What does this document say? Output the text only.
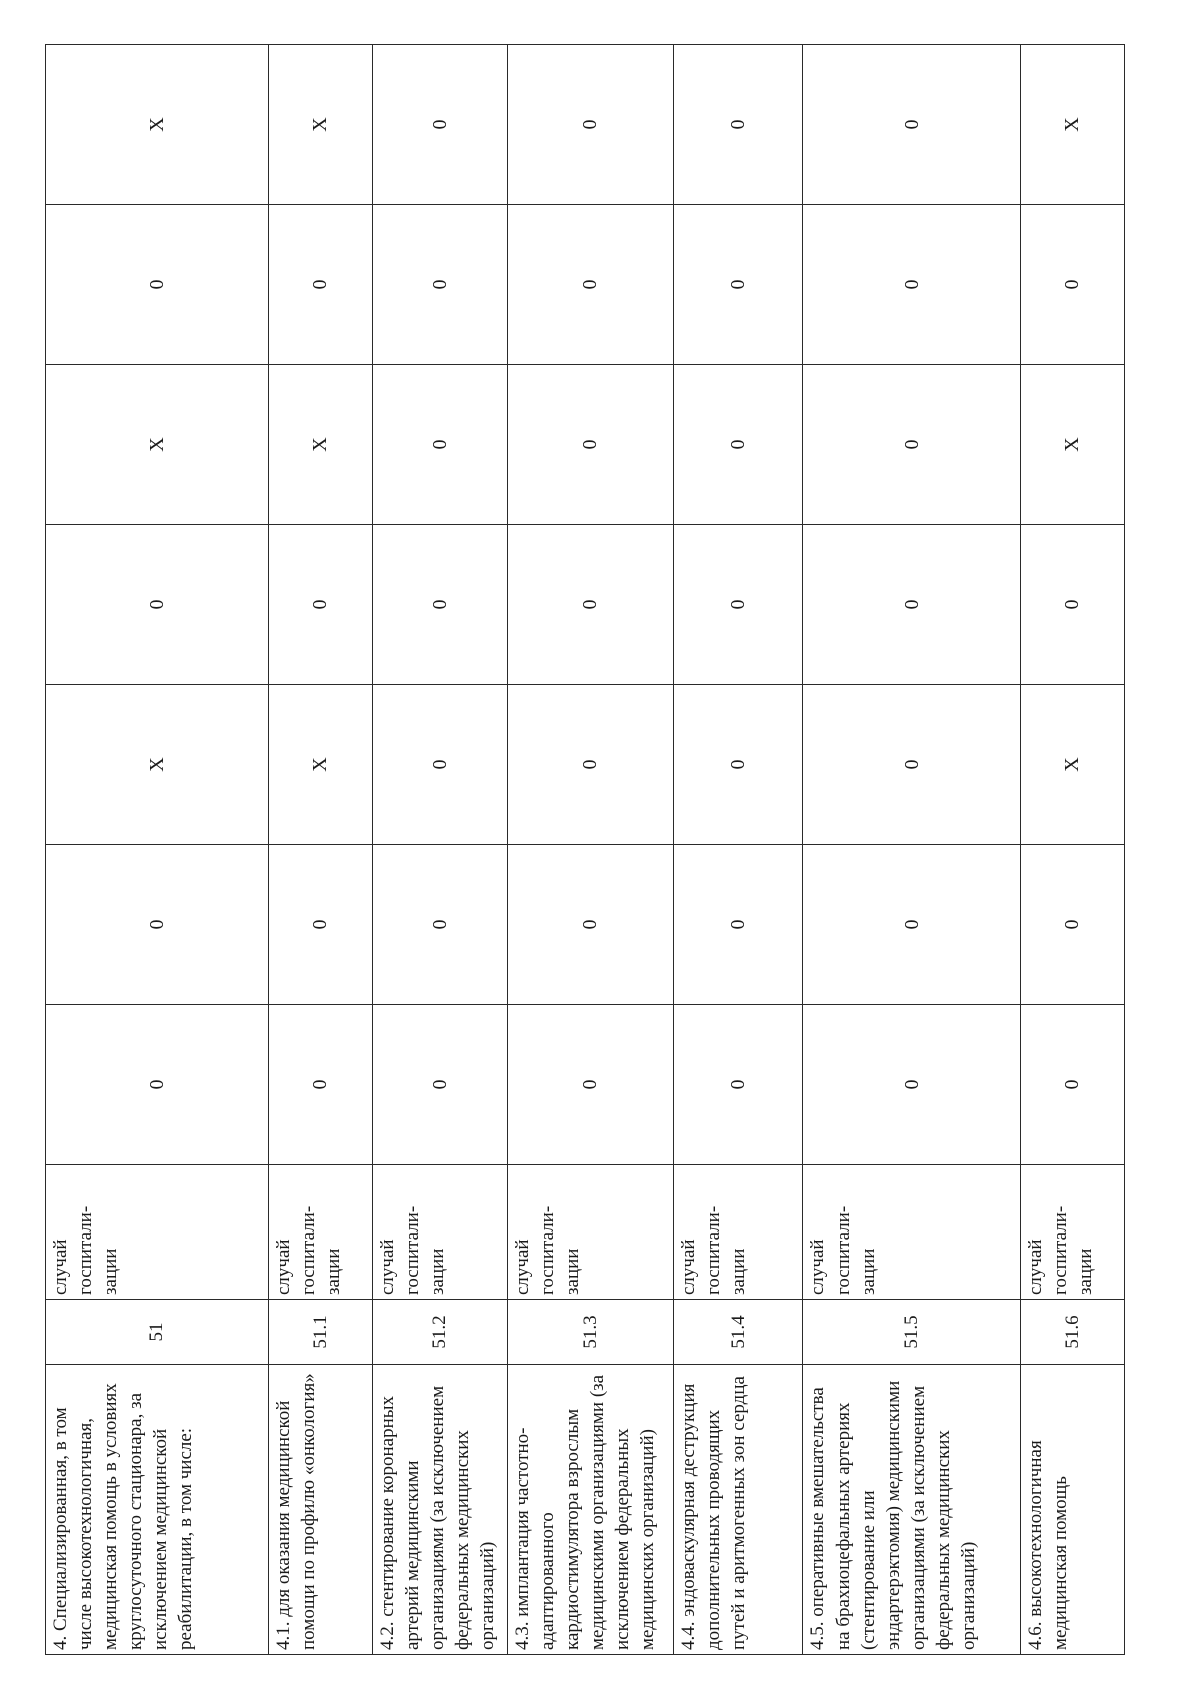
4. Специализированная, в том числе высокотехнологичная, медицинская помощь в условиях круглосуточного стационара, за исключением медицинской реабилитации, в том числе:	51	случай госпитали-зации	0	0	X	0	X	0	X
4.1. для оказания медицинской помощи по профилю «онкология»	51.1	случай госпитали-зации	0	0	X	0	X	0	X
4.2. стентирование коронарных артерий медицинскими организациями (за исключением федеральных медицинских организаций)	51.2	случай госпитали-зации	0	0	0	0	0	0	0
4.3. имплантация частотно-адаптированного кардиостимулятора взрослым медицинскими организациями (за исключением федеральных медицинских организаций)	51.3	случай госпитали-зации	0	0	0	0	0	0	0
4.4. эндоваскулярная деструкция дополнительных проводящих путей и аритмогенных зон сердца	51.4	случай госпитали-зации	0	0	0	0	0	0	0
4.5. оперативные вмешательства на брахиоцефальных артериях (стентирование или эндартерэктомия) медицинскими организациями (за исключением федеральных медицинских организаций)	51.5	случай госпитали-зации	0	0	0	0	0	0	0
4.6. высокотехнологичная медицинская помощь	51.6	случай госпитали-зации	0	0	X	0	X	0	X
